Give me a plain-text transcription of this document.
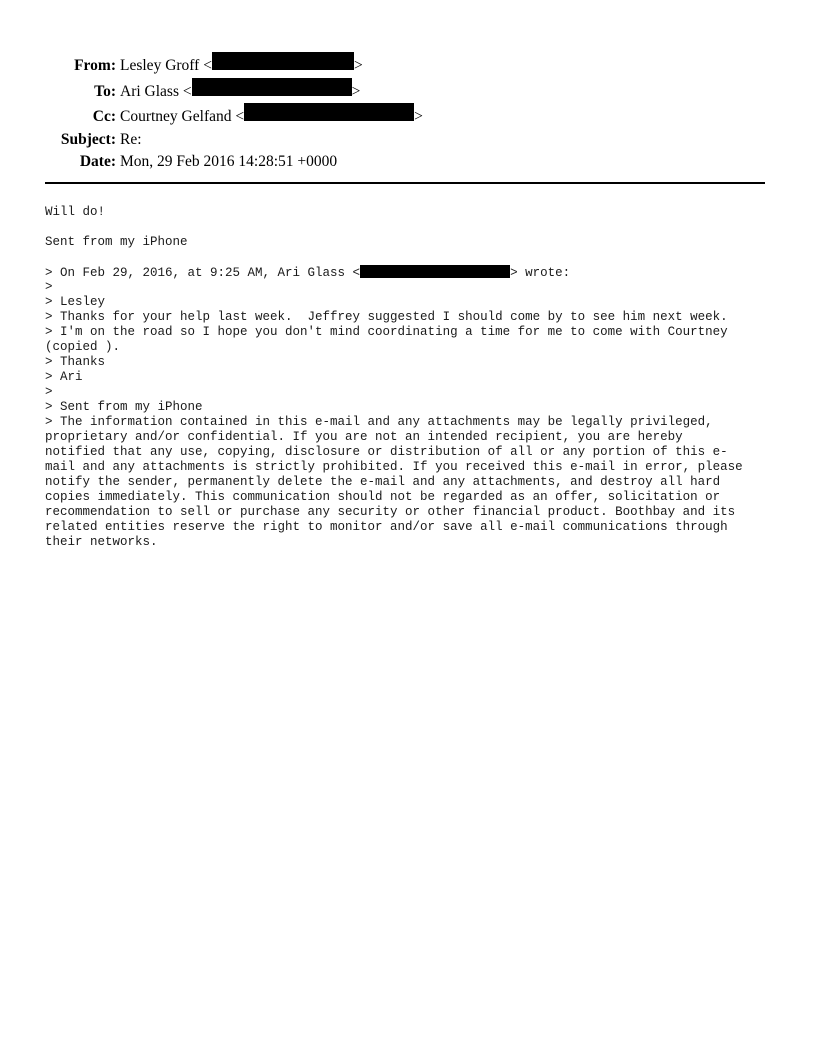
From: Lesley Groff <	>
To: Ari Glass <	>
Cc: Courtney Gelfand <	>
Subject: Re:
Date: Mon, 29 Feb 2016 14:28:51 +0000
Will do!
Sent from my iPhone
> On Feb 29, 2016, at 9:25 AM, Ari Glass <	> wrote:
>
> Lesley
> Thanks for your help last week.  Jeffrey suggested I should come by to see him next week.
> I'm on the road so I hope you don't mind coordinating a time for me to come with Courtney
(copied ).
> Thanks
> Ari
>
> Sent from my iPhone
> The information contained in this e-mail and any attachments may be legally privileged,
proprietary and/or confidential. If you are not an intended recipient, you are hereby
notified that any use, copying, disclosure or distribution of all or any portion of this e-
mail and any attachments is strictly prohibited. If you received this e-mail in error, please
notify the sender, permanently delete the e-mail and any attachments, and destroy all hard
copies immediately. This communication should not be regarded as an offer, solicitation or
recommendation to sell or purchase any security or other financial product. Boothbay and its
related entities reserve the right to monitor and/or save all e-mail communications through
their networks.
